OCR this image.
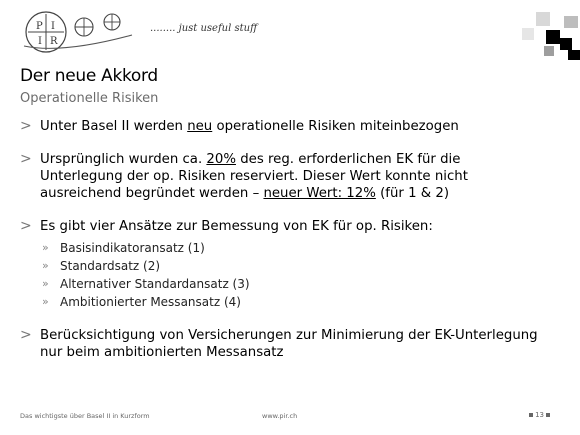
P I
I R
........ just useful stuff
Der neue Akkord
Operationelle Risiken
> Unter Basel II werden neu operationelle Risiken miteinbezogen
> Ursprünglich wurden ca. 20% des reg. erforderlichen EK für die Unterlegung der op. Risiken reserviert. Dieser Wert konnte nicht ausreichend begründet werden – neuer Wert: 12% (für 1 & 2)
> Es gibt vier Ansätze zur Bemessung von EK für op. Risiken:
» Basisindikatoransatz (1)
» Standardsatz (2)
» Alternativer Standardansatz (3)
» Ambitionierter Messansatz (4)
> Berücksichtigung von Versicherungen zur Minimierung der EK-Unterlegung nur beim ambitionierten Messansatz
Das wichtigste über Basel II in Kurzform	www.pir.ch	13
